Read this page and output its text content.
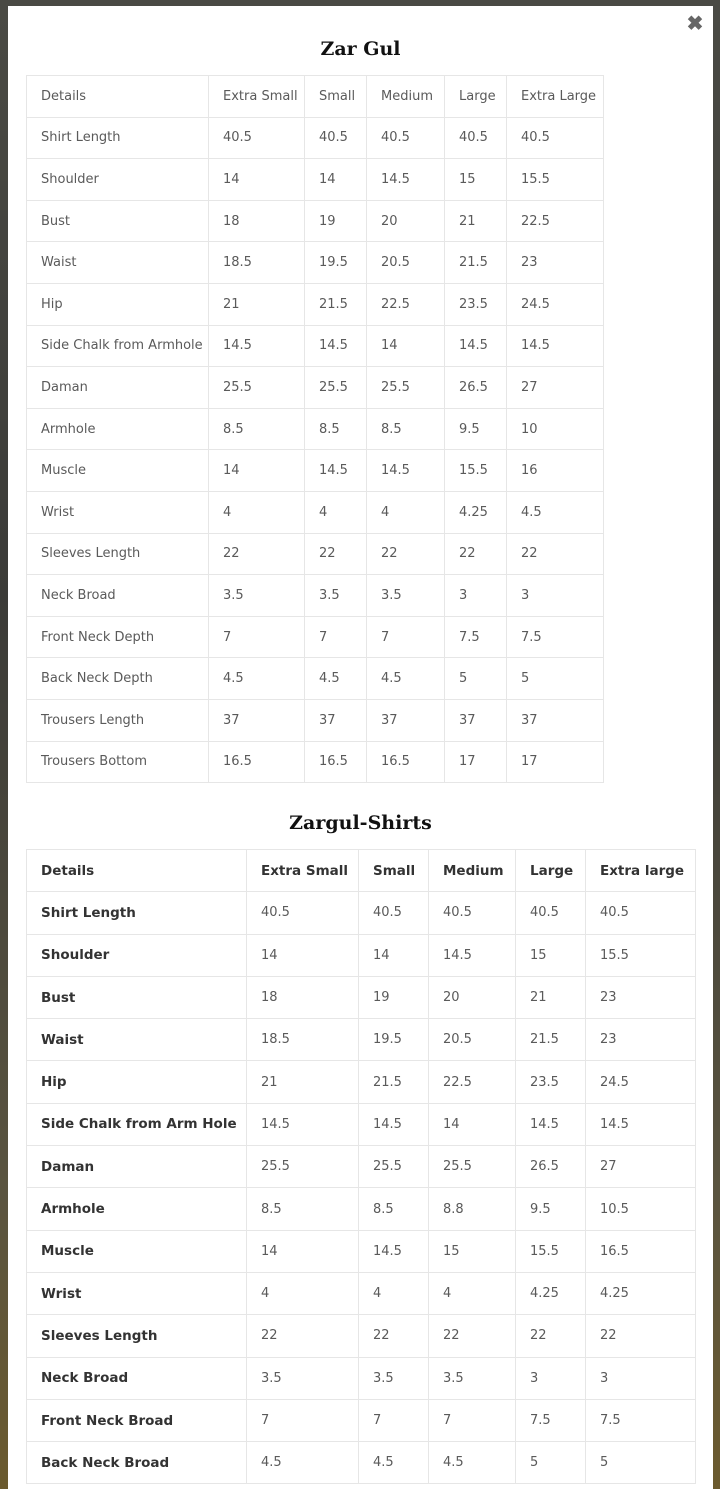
✖
Zar Gul
Details	Extra Small	Small	Medium	Large	Extra Large
Shirt Length	40.5	40.5	40.5	40.5	40.5
Shoulder	14	14	14.5	15	15.5
Bust	18	19	20	21	22.5
Waist	18.5	19.5	20.5	21.5	23
Hip	21	21.5	22.5	23.5	24.5
Side Chalk from Armhole	14.5	14.5	14	14.5	14.5
Daman	25.5	25.5	25.5	26.5	27
Armhole	8.5	8.5	8.5	9.5	10
Muscle	14	14.5	14.5	15.5	16
Wrist	4	4	4	4.25	4.5
Sleeves Length	22	22	22	22	22
Neck Broad	3.5	3.5	3.5	3	3
Front Neck Depth	7	7	7	7.5	7.5
Back Neck Depth	4.5	4.5	4.5	5	5
Trousers Length	37	37	37	37	37
Trousers Bottom	16.5	16.5	16.5	17	17
Zargul-Shirts
Details	Extra Small	Small	Medium	Large	Extra large
Shirt Length	40.5	40.5	40.5	40.5	40.5
Shoulder	14	14	14.5	15	15.5
Bust	18	19	20	21	23
Waist	18.5	19.5	20.5	21.5	23
Hip	21	21.5	22.5	23.5	24.5
Side Chalk from Arm Hole	14.5	14.5	14	14.5	14.5
Daman	25.5	25.5	25.5	26.5	27
Armhole	8.5	8.5	8.8	9.5	10.5
Muscle	14	14.5	15	15.5	16.5
Wrist	4	4	4	4.25	4.25
Sleeves Length	22	22	22	22	22
Neck Broad	3.5	3.5	3.5	3	3
Front Neck Broad	7	7	7	7.5	7.5
Back Neck Broad	4.5	4.5	4.5	5	5
